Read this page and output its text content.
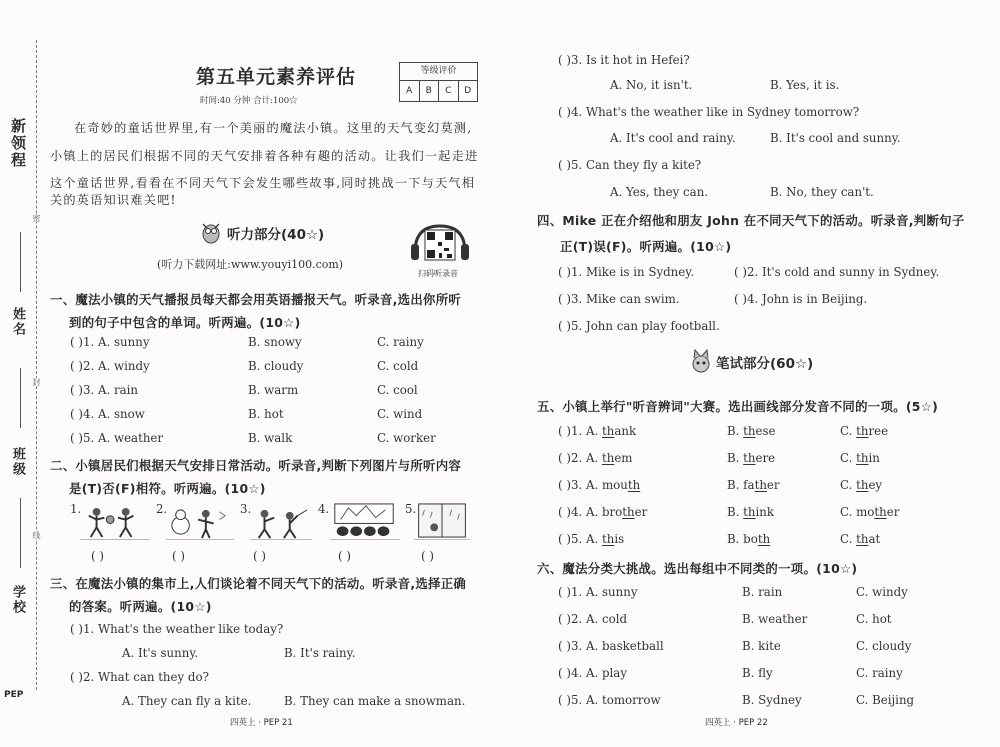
新领程
姓名
班级
学校
密
封
线
PEP
第五单元素养评估
时间:40 分钟 合计:100☆
等级评价
A	B	C	D
在奇妙的童话世界里,有一个美丽的魔法小镇。这里的天气变幻莫测,
小镇上的居民们根据不同的天气安排着各种有趣的活动。让我们一起走进
这个童话世界,看看在不同天气下会发生哪些故事,同时挑战一下与天气相
关的英语知识难关吧!
听力部分(40☆)
(听力下载网址:www.youyi100.com)
扫码听录音
一、魔法小镇的天气播报员每天都会用英语播报天气。听录音,选出你所听
到的句子中包含的单词。听两遍。(10☆)
( )1. A. sunny	B. snowy	C. rainy
( )2. A. windy	B. cloudy	C. cold
( )3. A. rain	B. warm	C. cool
( )4. A. snow	B. hot	C. wind
( )5. A. weather	B. walk	C. worker
二、小镇居民们根据天气安排日常活动。听录音,判断下列图片与所听内容
是(T)否(F)相符。听两遍。(10☆)
1.	2.	3.	4.	5.
( )	( )	( )	( )	( )
三、在魔法小镇的集市上,人们谈论着不同天气下的活动。听录音,选择正确
的答案。听两遍。(10☆)
( )1. What's the weather like today?
A. It's sunny.	B. It's rainy.
( )2. What can they do?
A. They can fly a kite.	B. They can make a snowman.
四英上 · PEP 21
( )3. Is it hot in Hefei?
A. No, it isn't.	B. Yes, it is.
( )4. What's the weather like in Sydney tomorrow?
A. It's cool and rainy.	B. It's cool and sunny.
( )5. Can they fly a kite?
A. Yes, they can.	B. No, they can't.
四、Mike 正在介绍他和朋友 John 在不同天气下的活动。听录音,判断句子
正(T)误(F)。听两遍。(10☆)
( )1. Mike is in Sydney.	( )2. It's cold and sunny in Sydney.
( )3. Mike can swim.	( )4. John is in Beijing.
( )5. John can play football.
笔试部分(60☆)
五、小镇上举行"听音辨词"大赛。选出画线部分发音不同的一项。(5☆)
( )1. A. thank	B. these	C. three
( )2. A. them	B. there	C. thin
( )3. A. mouth	B. father	C. they
( )4. A. brother	B. think	C. mother
( )5. A. this	B. both	C. that
六、魔法分类大挑战。选出每组中不同类的一项。(10☆)
( )1. A. sunny	B. rain	C. windy
( )2. A. cold	B. weather	C. hot
( )3. A. basketball	B. kite	C. cloudy
( )4. A. play	B. fly	C. rainy
( )5. A. tomorrow	B. Sydney	C. Beijing
四英上 · PEP 22
